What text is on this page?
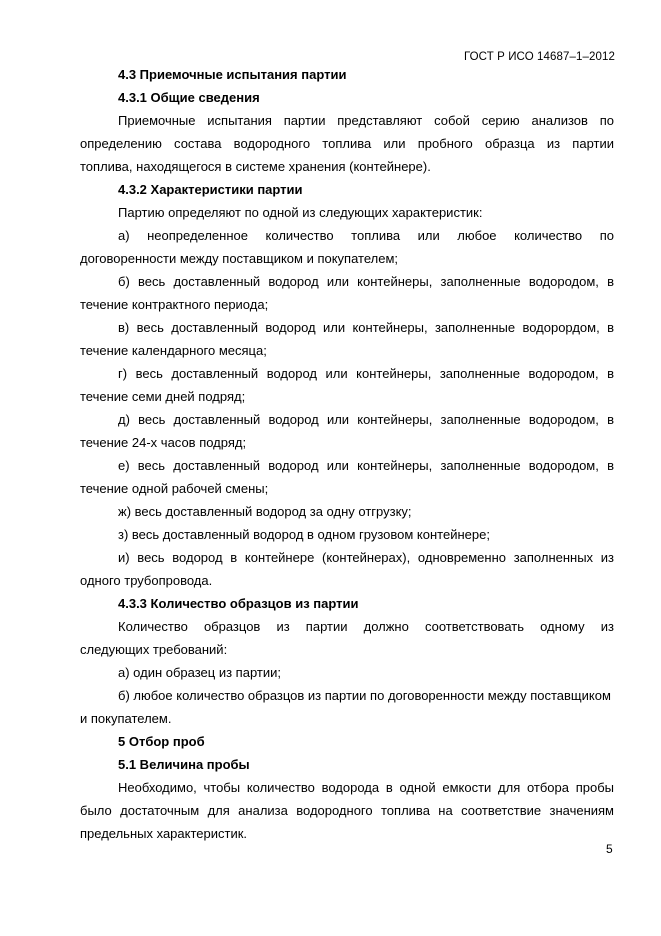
ГОСТ Р ИСО 14687–1–2012
4.3 Приемочные испытания партии
4.3.1 Общие сведения
Приемочные испытания партии представляют собой серию анализов по
определению состава водородного топлива или пробного образца из партии
топлива, находящегося в системе хранения (контейнере).
4.3.2 Характеристики партии
Партию определяют по одной из следующих характеристик:
а) неопределенное количество топлива или любое количество по
договоренности между поставщиком и покупателем;
б) весь доставленный водород или контейнеры, заполненные водородом, в
течение контрактного периода;
в) весь доставленный водород или контейнеры, заполненные водорордом, в
течение календарного месяца;
г) весь доставленный водород или контейнеры, заполненные водородом, в
течение семи дней подряд;
д) весь доставленный водород или контейнеры, заполненные водородом, в
течение 24-х часов подряд;
е) весь доставленный водород или контейнеры, заполненные водородом, в
течение одной рабочей смены;
ж) весь доставленный водород за одну отгрузку;
з) весь доставленный водород в одном грузовом контейнере;
и) весь водород в контейнере (контейнерах), одновременно заполненных из
одного трубопровода.
4.3.3 Количество образцов из партии
Количество образцов из партии должно соответствовать одному из
следующих требований:
а) один образец из партии;
б) любое количество образцов из партии по договоренности между поставщиком
и покупателем.
5 Отбор проб
5.1 Величина пробы
Необходимо, чтобы количество водорода в одной емкости для отбора пробы
было достаточным для анализа водородного топлива на соответствие значениям
предельных характеристик.
5
